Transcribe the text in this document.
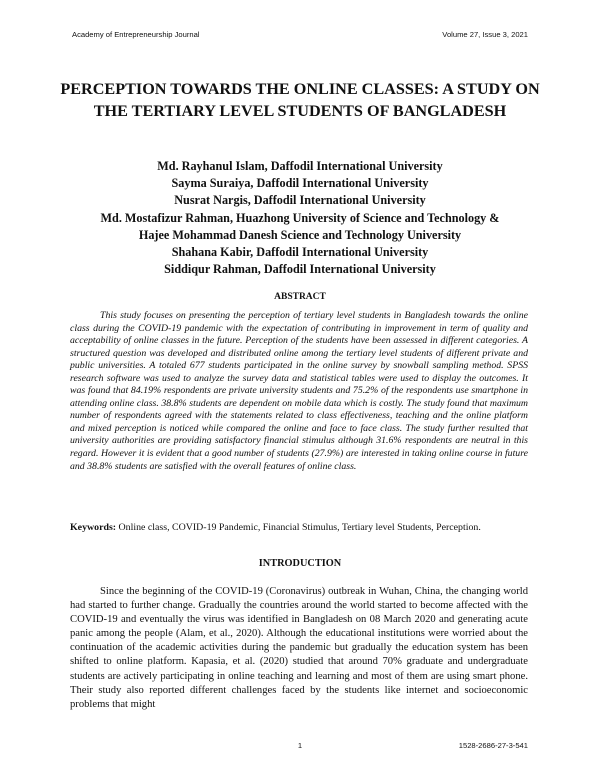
Academy of Entrepreneurship Journal	Volume 27, Issue 3, 2021
PERCEPTION TOWARDS THE ONLINE CLASSES: A STUDY ON THE TERTIARY LEVEL STUDENTS OF BANGLADESH
Md. Rayhanul Islam, Daffodil International University
Sayma Suraiya, Daffodil International University
Nusrat Nargis, Daffodil International University
Md. Mostafizur Rahman, Huazhong University of Science and Technology &
Hajee Mohammad Danesh Science and Technology University
Shahana Kabir, Daffodil International University
Siddiqur Rahman, Daffodil International University
ABSTRACT

This study focuses on presenting the perception of tertiary level students in Bangladesh towards the online class during the COVID-19 pandemic with the expectation of contributing in improvement in term of quality and acceptability of online classes in the future. Perception of the students have been assessed in different categories. A structured question was developed and distributed online among the tertiary level students of different private and public universities. A totaled 677 students participated in the online survey by snowball sampling method. SPSS research software was used to analyze the survey data and statistical tables were used to display the outcomes. It was found that 84.19% respondents are private university students and 75.2% of the respondents use smartphone in attending online class. 38.8% students are dependent on mobile data which is costly. The study found that maximum number of respondents agreed with the statements related to class effectiveness, teaching and the online platform and mixed perception is noticed while compared the online and face to face class. The study further resulted that university authorities are providing satisfactory financial stimulus although 31.6% respondents are neutral in this regard. However it is evident that a good number of students (27.9%) are interested in taking online course in future and 38.8% students are satisfied with the overall features of online class.

Keywords: Online class, COVID-19 Pandemic, Financial Stimulus, Tertiary level Students, Perception.

INTRODUCTION

Since the beginning of the COVID-19 (Coronavirus) outbreak in Wuhan, China, the changing world had started to further change. Gradually the countries around the world started to become affected with the COVID-19 and eventually the virus was identified in Bangladesh on 08 March 2020 and generating acute panic among the people (Alam, et al., 2020). Although the educational institutions were worried about the continuation of the academic activities during the pandemic but gradually the education system has been shifted to online platform. Kapasia, et al. (2020) studied that around 70% graduate and undergraduate students are actively participating in online teaching and learning and most of them are using smart phone. Their study also reported different challenges faced by the students like internet and socioeconomic problems that might

1	1528-2686-27-3-541
